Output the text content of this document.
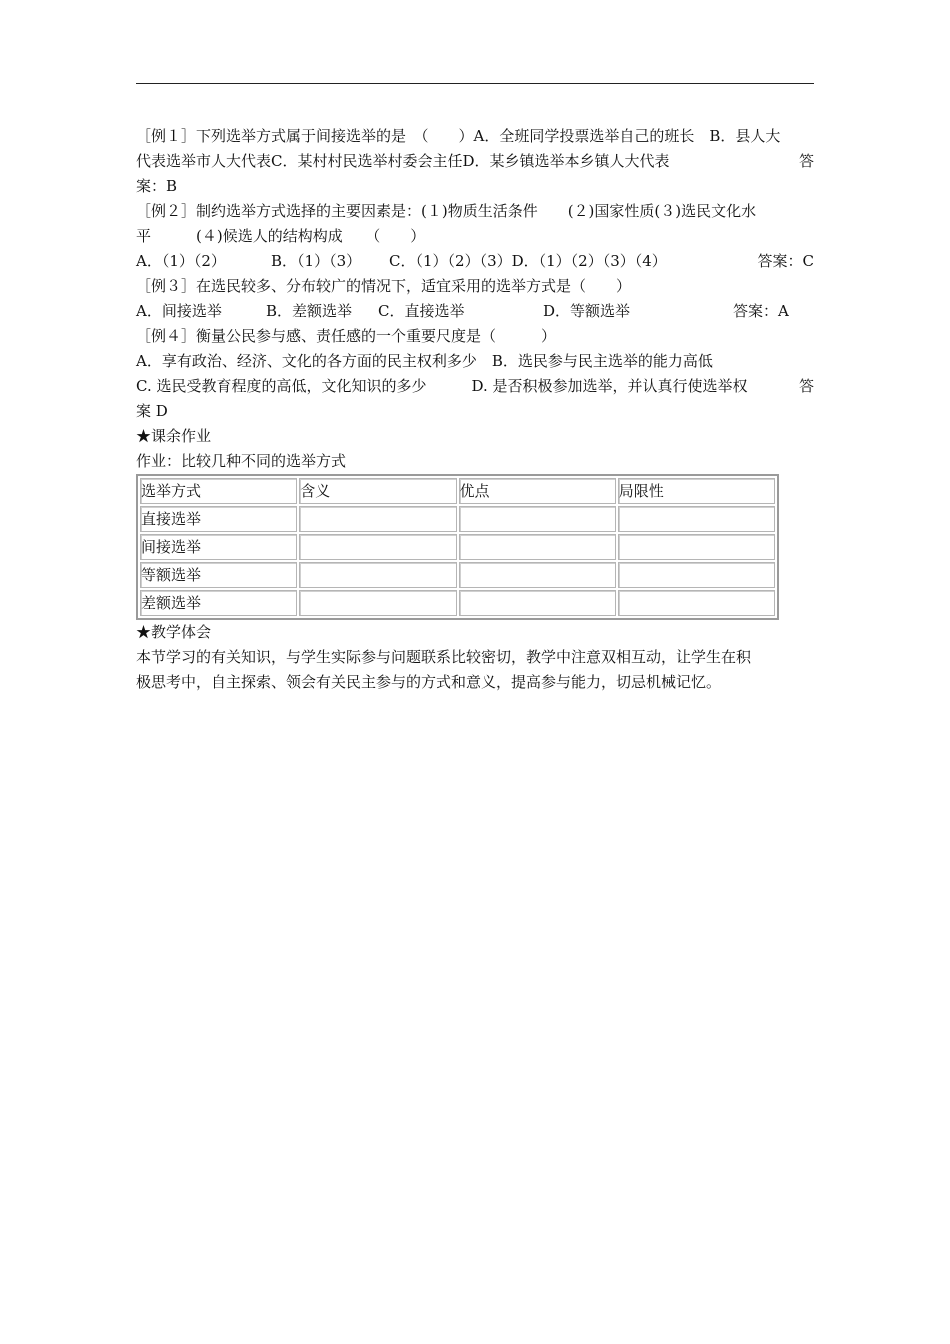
［例１］下列选举方式属于间接选举的是　（　　）A．全班同学投票选举自己的班长　B．县人大
代表选举市人大代表C．某村村民选举村委会主任D．某乡镇选举本乡镇人大代表	答
案：B
［例２］制约选举方式选择的主要因素是：(１)物质生活条件　　(２)国家性质(３)选民文化水
平　　　(４)候选人的结构构成　　（　　）
A．（1）（2）	B．（1）（3）	C．（1）（2）（3）D．（1）（2）（3）（4）	答案：C
［例３］在选民较多、分布较广的情况下，适宜采用的选举方式是（　　）
A．间接选举	B．差额选举	C．直接选举	D．等额选举	答案：A
［例４］衡量公民参与感、责任感的一个重要尺度是（　　　）
A．享有政治、经济、文化的各方面的民主权利多少　B．选民参与民主选举的能力高低
C. 选民受教育程度的高低，文化知识的多少　　　D. 是否积极参加选举，并认真行使选举权	答
案 D
★课余作业
作业：比较几种不同的选举方式
选举方式	含义	优点	局限性
直接选举			
间接选举			
等额选举			
差额选举			
★教学体会
本节学习的有关知识，与学生实际参与问题联系比较密切，教学中注意双相互动，让学生在积
极思考中，自主探索、领会有关民主参与的方式和意义，提高参与能力，切忌机械记忆。
